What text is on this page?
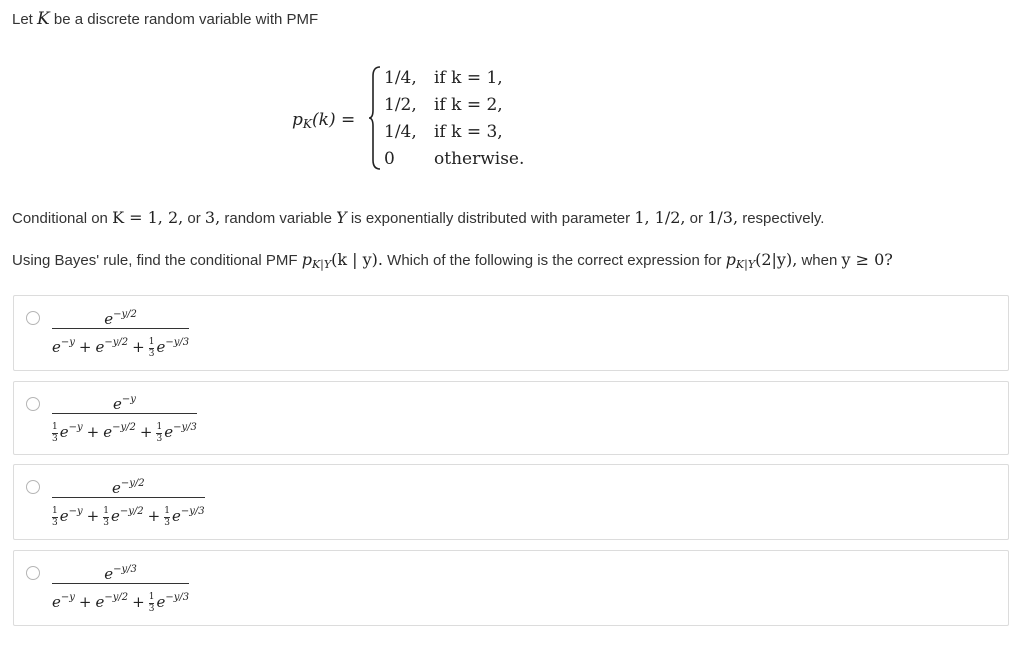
Let K be a discrete random variable with PMF
$p_K(k)$ =
1/4, if k = 1,
1/2, if k = 2,
1/4, if k = 3,
0 otherwise.
Conditional on K = 1, 2, or 3, random variable Y is exponentially distributed with parameter 1, 1/2, or 1/3, respectively.
Using Bayes' rule, find the conditional PMF $p_{K|Y}(k$ | y). Which of the following is the correct expression for $p_{K|Y}(2|y)$, when y ≥ 0?
$e^{-y/2}$
$e^{-y} + e^{-y/2} + \frac{1}{3} e^{-y/3}$
$e^{-y}$
$\frac{1}{3} e^{-y} + e^{-y/2} + \frac{1}{3} e^{-y/3}$
$e^{-y/2}$
$\frac{1}{3} e^{-y} + \frac{1}{3} e^{-y/2} + \frac{1}{3} e^{-y/3}$
$e^{-y/3}$
$e^{-y} + e^{-y/2} + \frac{1}{3} e^{-y/3}$
